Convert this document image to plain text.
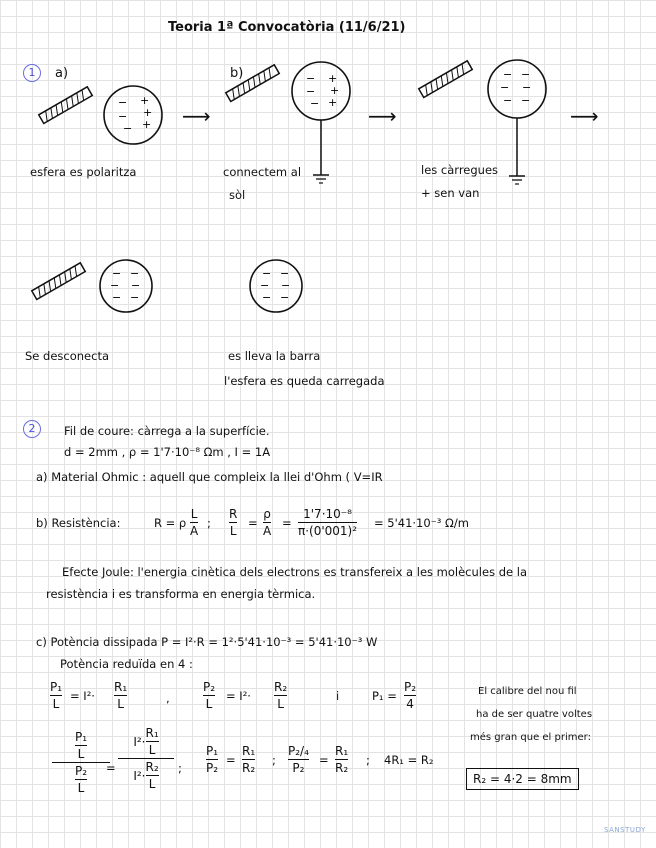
Teoria 1ª Convocatòria (11/6/21)
1	a)	b)
−
−
−
+
+
+
−
−
−
+
+
+
− −
− −
− −
− −
− −
− −
− −
− −
− −
⟶	⟶	⟶
esfera es polaritza	connectem al
sòl
les càrregues
+ sen van
Se desconecta	es lleva la barra
l'esfera es queda carregada
2	Fil de coure: càrrega a la superfície.
d = 2mm , ρ = 1'7·10⁻⁸ Ωm , I = 1A
a) Material Ohmic : aquell que compleix la llei d'Ohm ( V=IR
b) Resistència:	R = ρ
L
A
;
R
L
=
ρ
A
=
1'7·10⁻⁸
π·(0'001)²
= 5'41·10⁻³ Ω/m
Efecte Joule: l'energia cinètica dels electrons es transfereix a les molècules de la
resistència i es transforma en energia tèrmica.
c) Potència dissipada P = I²·R = 1²·5'41·10⁻³ = 5'41·10⁻³ W
Potència reduïda en 4 :
P₁
L
= I²·
R₁
L	,
P₂
L
= I²·
R₂
L
i	P₁ =
P₂
4
$\frac{\text{P₁}}{L}$
$\frac{\text{P₂}}{L}$ =
$I^2\cdot \frac{\text{R₁}}{L}$
$I^2\cdot \frac{\text{R₂}}{L}$ ;
P₁
P₂
=
R₁
R₂
;
P₂/₄
P₂
=
R₁
R₂
; 4R₁ = R₂
El calibre del nou fil
ha de ser quatre voltes
més gran que el primer:
R₂ = 4·2 = 8mm
SANSTUDY
